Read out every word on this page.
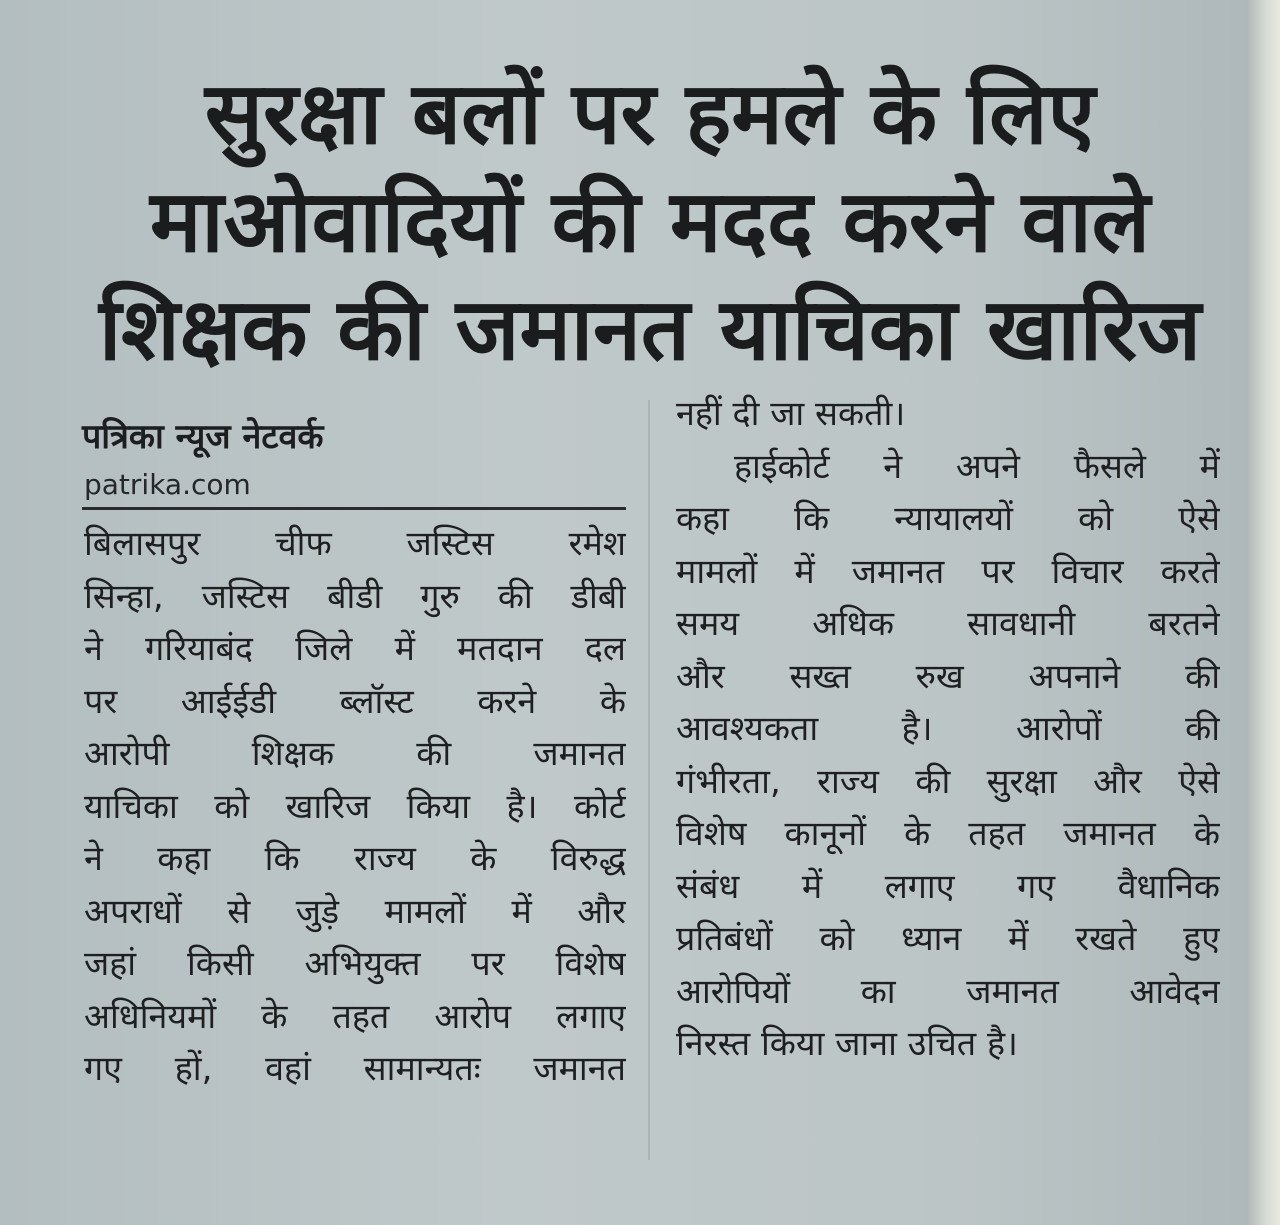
सुरक्षा बलों पर हमले के लिए
माओवादियों की मदद करने वाले
शिक्षक की जमानत याचिका खारिज
पत्रिका न्यूज नेटवर्क
patrika.com
बिलासपुर चीफ जस्टिस रमेश
सिन्हा, जस्टिस बीडी गुरु की डीबी
ने गरियाबंद जिले में मतदान दल
पर आईईडी ब्लॉस्ट करने के
आरोपी शिक्षक की जमानत
याचिका को खारिज किया है। कोर्ट
ने कहा कि राज्य के विरुद्ध
अपराधों से जुड़े मामलों में और
जहां किसी अभियुक्त पर विशेष
अधिनियमों के तहत आरोप लगाए
गए हों, वहां सामान्यतः जमानत
नहीं दी जा सकती।
हाईकोर्ट ने अपने फैसले में
कहा कि न्यायालयों को ऐसे
मामलों में जमानत पर विचार करते
समय अधिक सावधानी बरतने
और सख्त रुख अपनाने की
आवश्यकता है। आरोपों की
गंभीरता, राज्य की सुरक्षा और ऐसे
विशेष कानूनों के तहत जमानत के
संबंध में लगाए गए वैधानिक
प्रतिबंधों को ध्यान में रखते हुए
आरोपियों का जमानत आवेदन
निरस्त किया जाना उचित है।
